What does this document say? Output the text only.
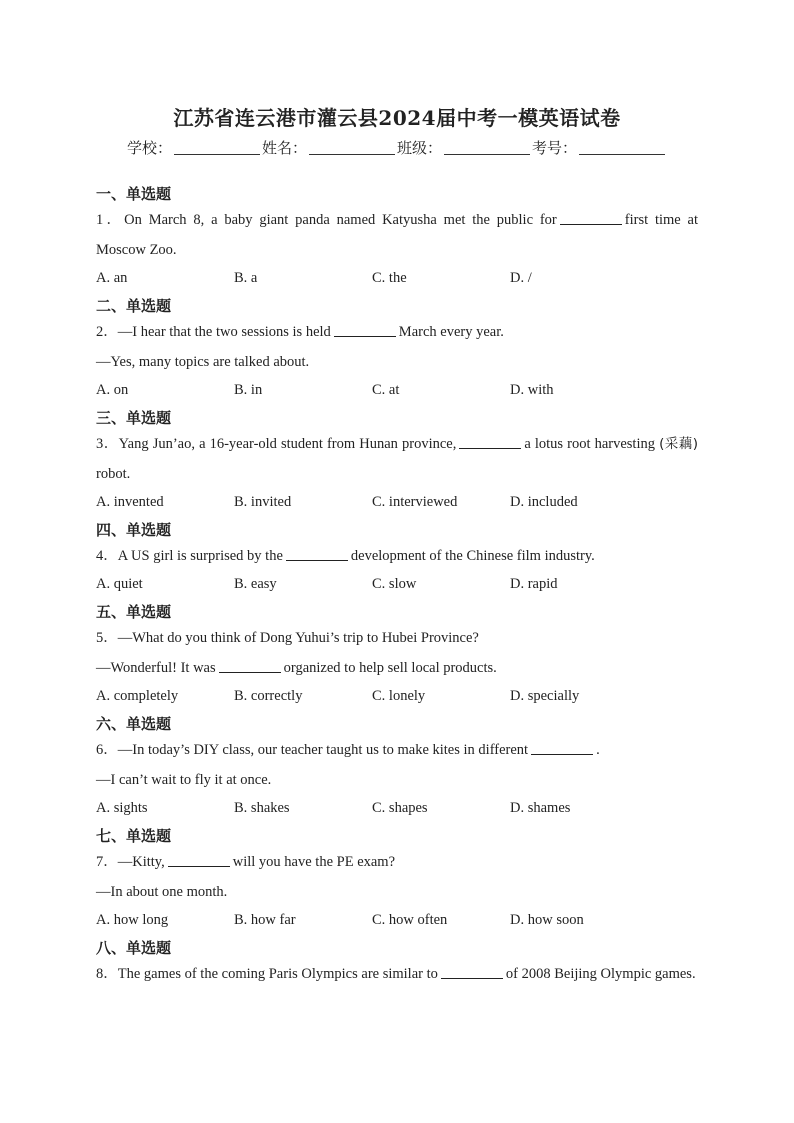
江苏省连云港市灌云县2024届中考一模英语试卷
学校：	姓名：	班级：	考号：
一、单选题
1．On March 8, a baby giant panda named Katyusha met the public for	first time at Moscow Zoo.
A. an	B. a	C. the	D. /
二、单选题
2．—I hear that the two sessions is held	March every year.
—Yes, many topics are talked about.
A. on	B. in	C. at	D. with
三、单选题
3．Yang Jun’ao, a 16-year-old student from Hunan province,	a lotus root harvesting (采藕) robot.
A. invented	B. invited	C. interviewed	D. included
四、单选题
4．A US girl is surprised by the	development of the Chinese film industry.
A. quiet	B. easy	C. slow	D. rapid
五、单选题
5．—What do you think of Dong Yuhui’s trip to Hubei Province?
—Wonderful! It was	organized to help sell local products.
A. completely	B. correctly	C. lonely	D. specially
六、单选题
6．—In today’s DIY class, our teacher taught us to make kites in different	.
—I can’t wait to fly it at once.
A. sights	B. shakes	C. shapes	D. shames
七、单选题
7．—Kitty,	will you have the PE exam?
—In about one month.
A. how long	B. how far	C. how often	D. how soon
八、单选题
8．The games of the coming Paris Olympics are similar to	of 2008 Beijing Olympic games.
